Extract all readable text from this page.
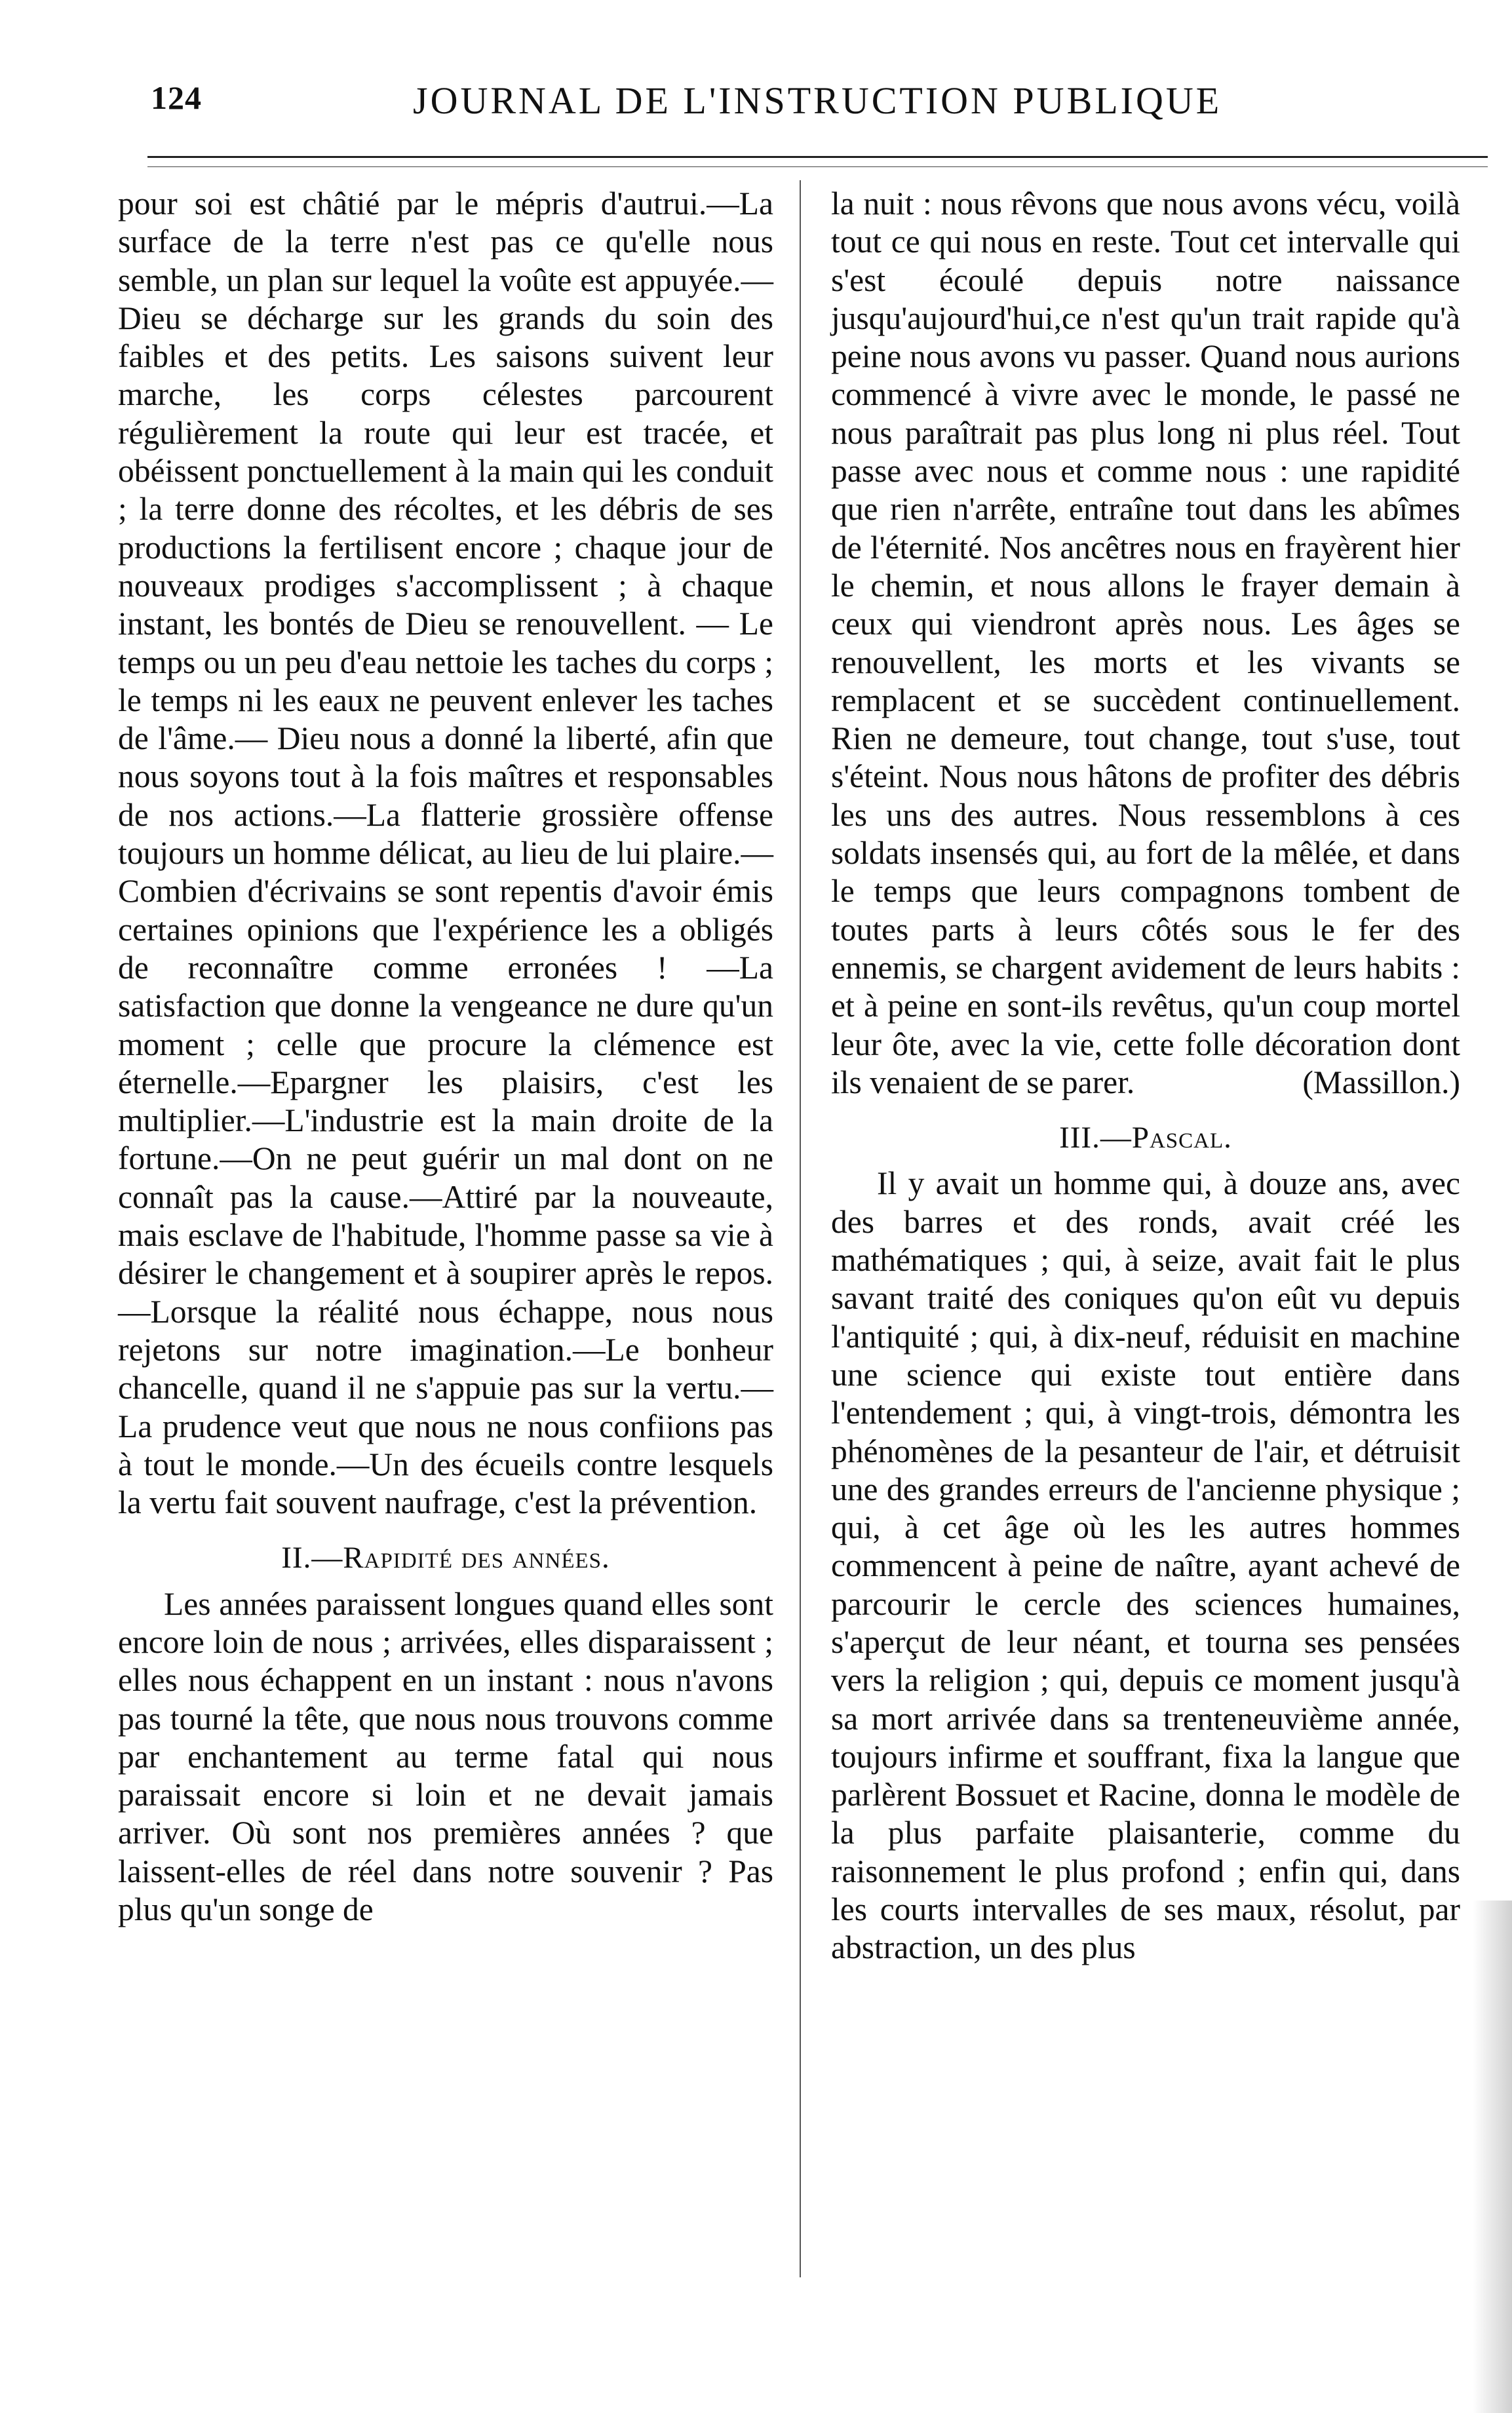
124	JOURNAL DE L'INSTRUCTION PUBLIQUE

pour soi est châtié par le mépris d'autrui.—La surface de la terre n'est pas ce qu'elle nous semble, un plan sur lequel la voûte est appuyée.—Dieu se décharge sur les grands du soin des faibles et des petits. Les saisons suivent leur marche, les corps célestes parcourent régulièrement la route qui leur est tracée, et obéissent ponctuellement à la main qui les conduit ; la terre donne des récoltes, et les débris de ses productions la fertilisent encore ; chaque jour de nouveaux prodiges s'accomplissent ; à chaque instant, les bontés de Dieu se renouvellent. — Le temps ou un peu d'eau nettoie les taches du corps ; le temps ni les eaux ne peuvent enlever les taches de l'âme.— Dieu nous a donné la liberté, afin que nous soyons tout à la fois maîtres et responsables de nos actions.—La flatterie grossière offense toujours un homme délicat, au lieu de lui plaire.—Combien d'écrivains se sont repentis d'avoir émis certaines opinions que l'expérience les a obligés de reconnaître comme erronées ! —La satisfaction que donne la vengeance ne dure qu'un moment ; celle que procure la clémence est éternelle.—Epargner les plaisirs, c'est les multiplier.—L'industrie est la main droite de la fortune.—On ne peut guérir un mal dont on ne connaît pas la cause.—Attiré par la nouveaute, mais esclave de l'habitude, l'homme passe sa vie à désirer le changement et à soupirer après le repos.—Lorsque la réalité nous échappe, nous nous rejetons sur notre imagination.—Le bonheur chancelle, quand il ne s'appuie pas sur la vertu.—La prudence veut que nous ne nous confiions pas à tout le monde.—Un des écueils contre lesquels la vertu fait souvent naufrage, c'est la prévention.

II.—Rapidité des années.

Les années paraissent longues quand elles sont encore loin de nous ; arrivées, elles disparaissent ; elles nous échappent en un instant : nous n'avons pas tourné la tête, que nous nous trouvons comme par enchantement au terme fatal qui nous paraissait encore si loin et ne devait jamais arriver. Où sont nos premières années ? que laissent-elles de réel dans notre souvenir ? Pas plus qu'un songe de

la nuit : nous rêvons que nous avons vécu, voilà tout ce qui nous en reste. Tout cet intervalle qui s'est écoulé depuis notre naissance jusqu'aujourd'hui,ce n'est qu'un trait rapide qu'à peine nous avons vu passer. Quand nous aurions commencé à vivre avec le monde, le passé ne nous paraîtrait pas plus long ni plus réel. Tout passe avec nous et comme nous : une rapidité que rien n'arrête, entraîne tout dans les abîmes de l'éternité. Nos ancêtres nous en frayèrent hier le chemin, et nous allons le frayer demain à ceux qui viendront après nous. Les âges se renouvellent, les morts et les vivants se remplacent et se succèdent continuellement. Rien ne demeure, tout change, tout s'use, tout s'éteint. Nous nous hâtons de profiter des débris les uns des autres. Nous ressemblons à ces soldats insensés qui, au fort de la mêlée, et dans le temps que leurs compagnons tombent de toutes parts à leurs côtés sous le fer des ennemis, se chargent avidement de leurs habits : et à peine en sont-ils revêtus, qu'un coup mortel leur ôte, avec la vie, cette folle décoration dont ils venaient de se parer.	(Massillon.)

III.—Pascal.

Il y avait un homme qui, à douze ans, avec des barres et des ronds, avait créé les mathématiques ; qui, à seize, avait fait le plus savant traité des coniques qu'on eût vu depuis l'antiquité ; qui, à dix-neuf, réduisit en machine une science qui existe tout entière dans l'entendement ; qui, à vingt-trois, démontra les phénomènes de la pesanteur de l'air, et détruisit une des grandes erreurs de l'ancienne physique ; qui, à cet âge où les les autres hommes commencent à peine de naître, ayant achevé de parcourir le cercle des sciences humaines, s'aperçut de leur néant, et tourna ses pensées vers la religion ; qui, depuis ce moment jusqu'à sa mort arrivée dans sa trenteneuvième année, toujours infirme et souffrant, fixa la langue que parlèrent Bossuet et Racine, donna le modèle de la plus parfaite plaisanterie, comme du raisonnement le plus profond ; enfin qui, dans les courts intervalles de ses maux, résolut, par abstraction, un des plus
